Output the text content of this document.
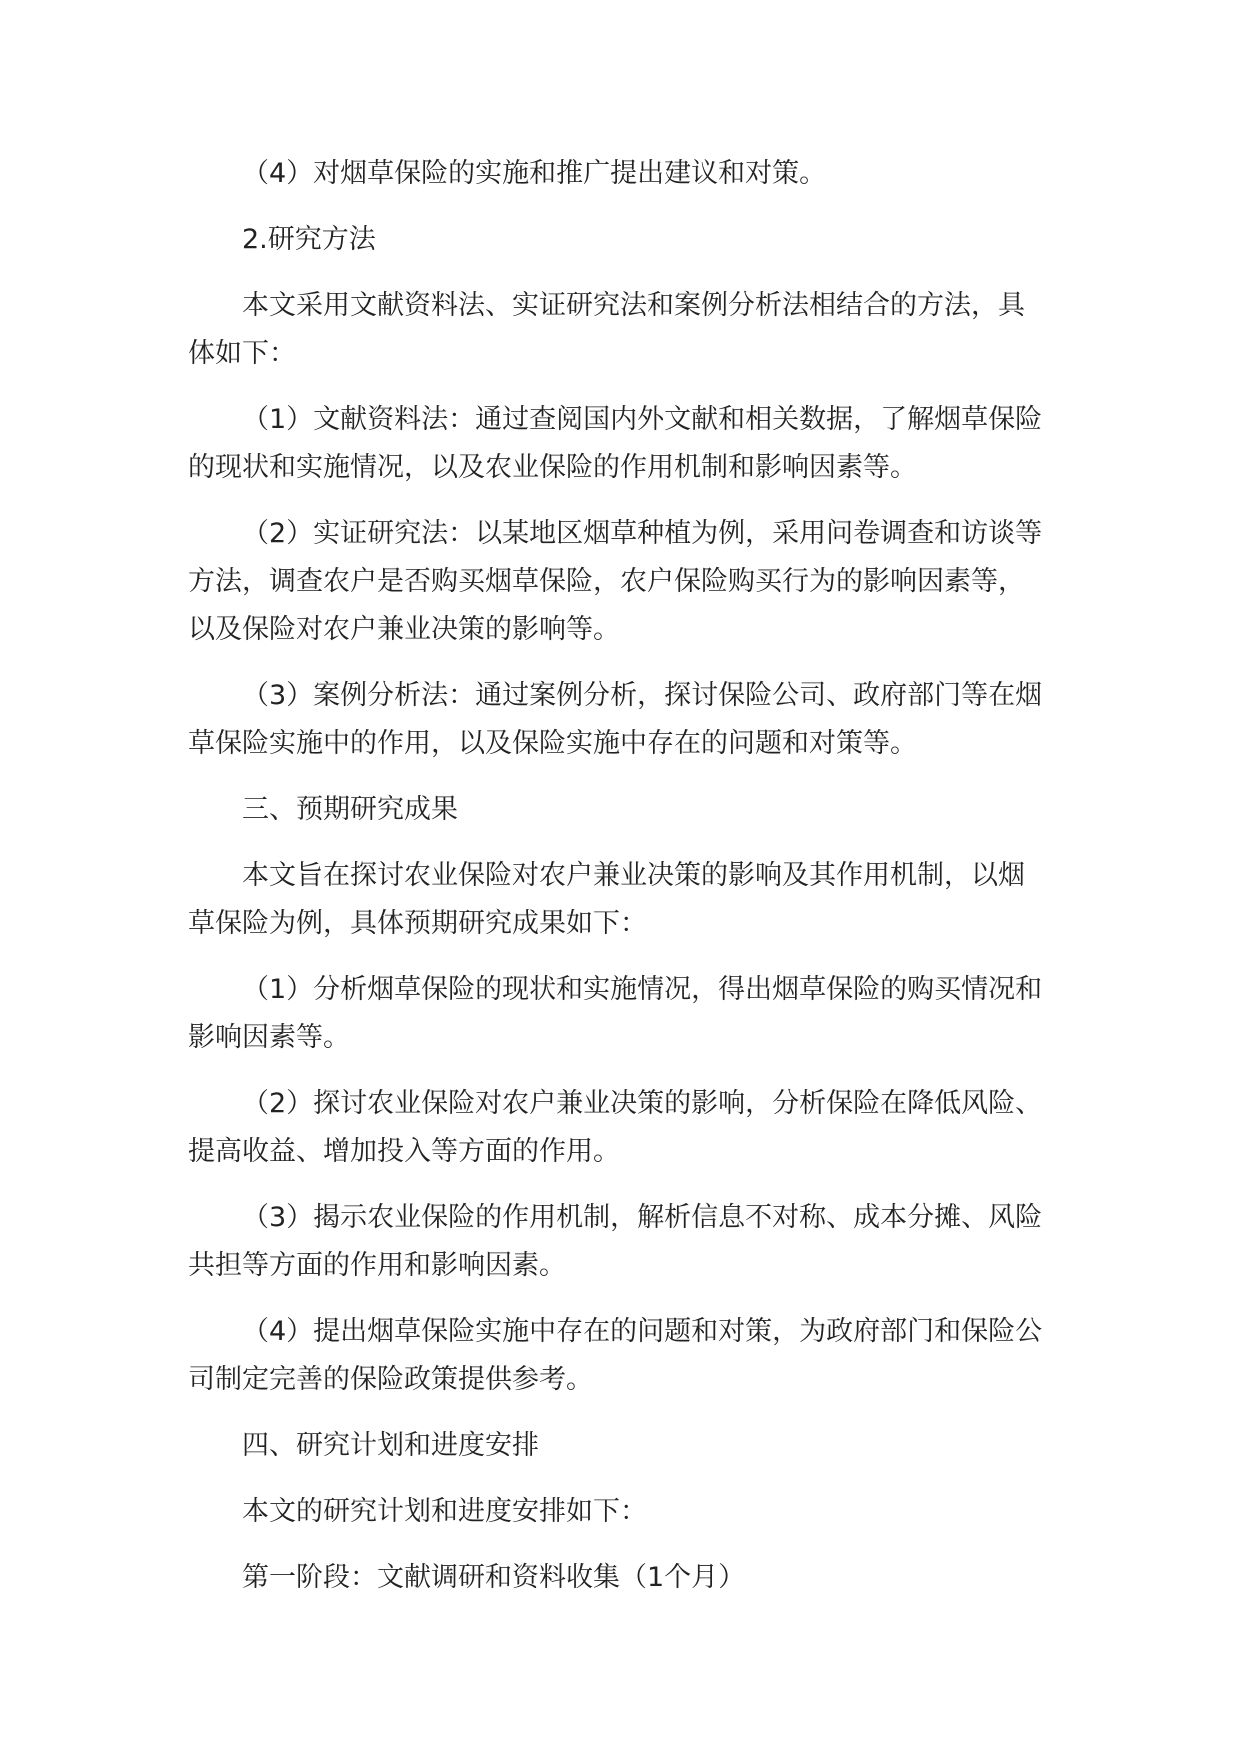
（4）对烟草保险的实施和推广提出建议和对策。

2.研究方法

本文采用文献资料法、实证研究法和案例分析法相结合的方法，具体如下：

（1）文献资料法：通过查阅国内外文献和相关数据，了解烟草保险的现状和实施情况，以及农业保险的作用机制和影响因素等。

（2）实证研究法：以某地区烟草种植为例，采用问卷调查和访谈等方法，调查农户是否购买烟草保险，农户保险购买行为的影响因素等，以及保险对农户兼业决策的影响等。

（3）案例分析法：通过案例分析，探讨保险公司、政府部门等在烟草保险实施中的作用，以及保险实施中存在的问题和对策等。

三、预期研究成果

本文旨在探讨农业保险对农户兼业决策的影响及其作用机制，以烟草保险为例，具体预期研究成果如下：

（1）分析烟草保险的现状和实施情况，得出烟草保险的购买情况和影响因素等。

（2）探讨农业保险对农户兼业决策的影响，分析保险在降低风险、提高收益、增加投入等方面的作用。

（3）揭示农业保险的作用机制，解析信息不对称、成本分摊、风险共担等方面的作用和影响因素。

（4）提出烟草保险实施中存在的问题和对策，为政府部门和保险公司制定完善的保险政策提供参考。

四、研究计划和进度安排

本文的研究计划和进度安排如下：

第一阶段：文献调研和资料收集（1个月）
